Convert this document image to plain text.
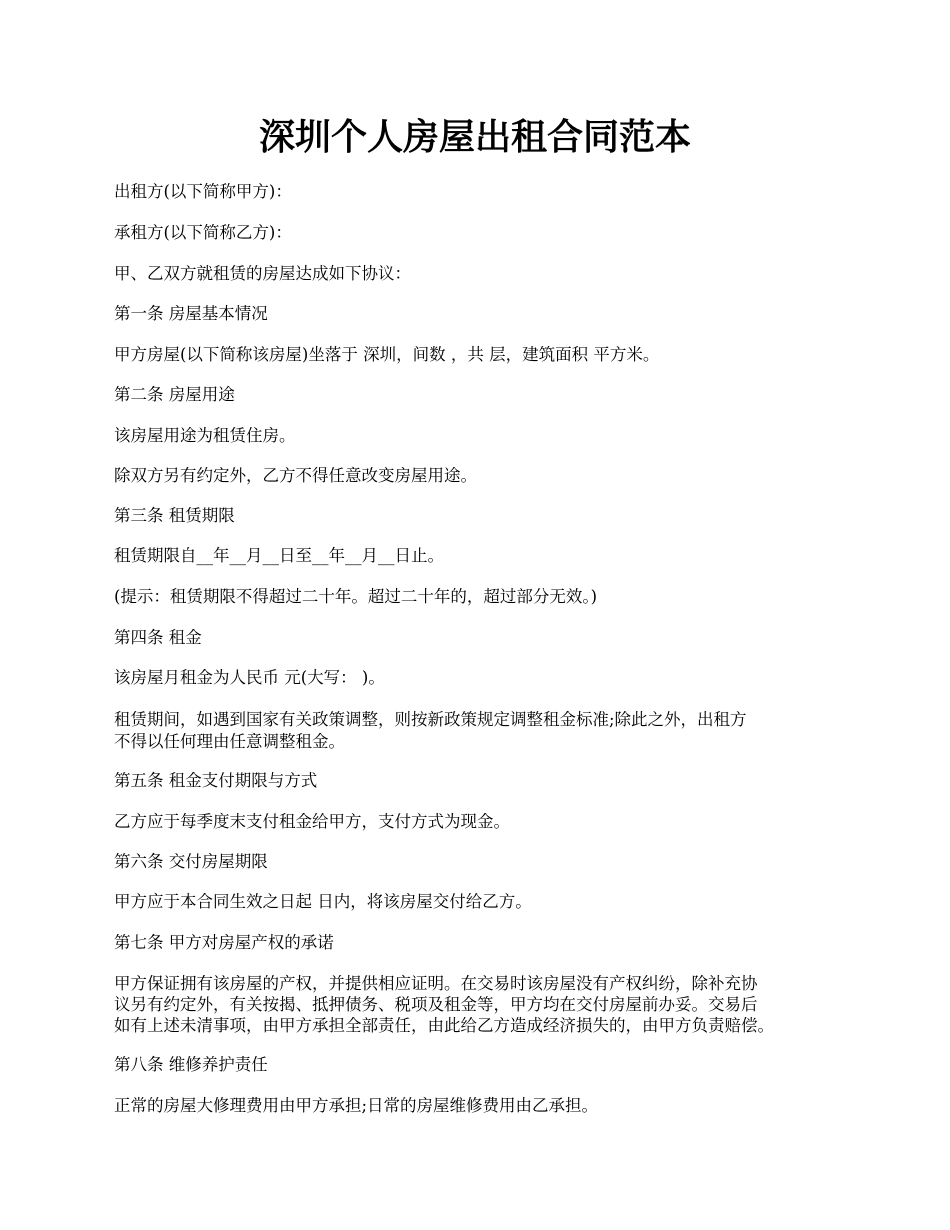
深圳个人房屋出租合同范本

出租方(以下简称甲方)：

承租方(以下简称乙方)：

甲、乙双方就租赁的房屋达成如下协议：

第一条 房屋基本情况

甲方房屋(以下简称该房屋)坐落于 深圳，间数 ，共 层，建筑面积 平方米。

第二条 房屋用途

该房屋用途为租赁住房。

除双方另有约定外，乙方不得任意改变房屋用途。

第三条 租赁期限

租赁期限自__年__月__日至__年__月__日止。

(提示：租赁期限不得超过二十年。超过二十年的，超过部分无效。)

第四条 租金

该房屋月租金为人民币 元(大写： )。

租赁期间，如遇到国家有关政策调整，则按新政策规定调整租金标准;除此之外，出租方

不得以任何理由任意调整租金。

第五条 租金支付期限与方式

乙方应于每季度末支付租金给甲方，支付方式为现金。

第六条 交付房屋期限

甲方应于本合同生效之日起 日内，将该房屋交付给乙方。

第七条 甲方对房屋产权的承诺

甲方保证拥有该房屋的产权，并提供相应证明。在交易时该房屋没有产权纠纷，除补充协

议另有约定外，有关按揭、抵押债务、税项及租金等，甲方均在交付房屋前办妥。交易后

如有上述未清事项，由甲方承担全部责任，由此给乙方造成经济损失的，由甲方负责赔偿。

第八条 维修养护责任

正常的房屋大修理费用由甲方承担;日常的房屋维修费用由乙承担。
